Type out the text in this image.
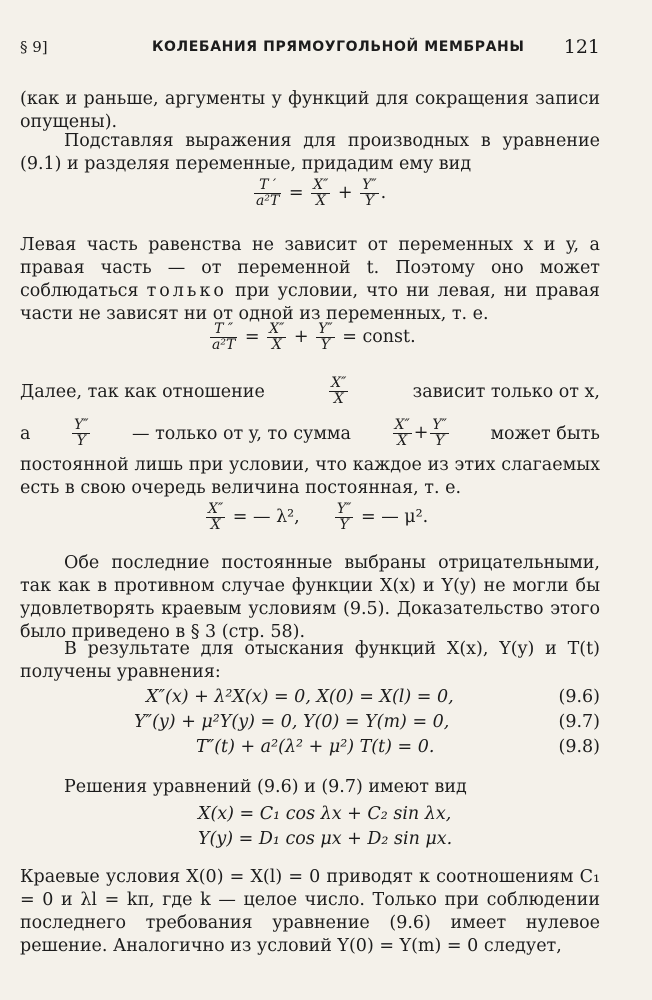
§ 9]	КОЛЕБАНИЯ ПРЯМОУГОЛЬНОЙ МЕМБРАНЫ 121

(как и раньше, аргументы у функций для сокращения записи опущены).

Подставляя выражения для производных в уравнение (9.1) и разделяя переменные, придадим ему вид

$\frac{T '}{\text{a²T}} = \frac{X''}{X} + \frac{Y''}{Y}$ .

Левая часть равенства не зависит от переменных x и y, а правая часть — от переменной t. Поэтому оно может соблюдаться только при условии, что ни левая, ни правая части не зависят ни от одной из переменных, т. е.

$\frac{T ''}{\text{a²T}} = \frac{X''}{X} + \frac{Y''}{Y}$ = const.
Далее, так как отношение	$\frac{X''}{X}$	зависит только от x,
а	$\frac{Y''}{Y}$ — только от y, то сумма	$\frac{X''}{X} + \frac{Y''}{Y}$ может быть

постоянной лишь при условии, что каждое из этих слагаемых есть в свою очередь величина постоянная, т. е.

$\frac{X''}{X}$ = — λ²,	$\frac{Y''}{Y}$ = — μ².

Обе последние постоянные выбраны отрицательными, так как в противном случае функции X(x) и Y(y) не могли бы удовлетворять краевым условиям (9.5). Доказательство этого было приведено в § 3 (стр. 58).

В результате для отыскания функций X(x), Y(y) и T(t) получены уравнения:

X″(x) + λ²X(x) = 0, X(0) = X(l) = 0,	(9.6)
Y″(y) + μ²Y(y) = 0, Y(0) = Y(m) = 0,	(9.7)
T″(t) + a²(λ² + μ²) T(t) = 0.	(9.8)

Решения уравнений (9.6) и (9.7) имеют вид

X(x) = C₁ cos λx + C₂ sin λx,
Y(y) = D₁ cos μx + D₂ sin μx.

Краевые условия X(0) = X(l) = 0 приводят к соотношениям C₁ = 0 и λl = kπ, где k — целое число. Только при соблюдении последнего требования уравнение (9.6) имеет нулевое решение. Аналогично из условий Y(0) = Y(m) = 0 следует,
